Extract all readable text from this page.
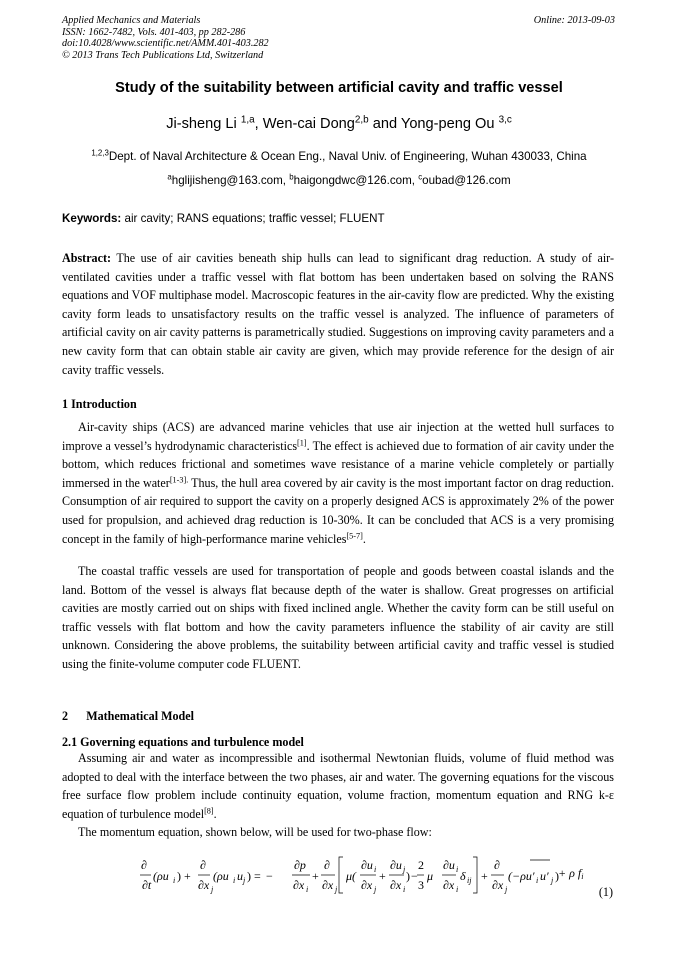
Applied Mechanics and Materials
ISSN: 1662-7482, Vols. 401-403, pp 282-286
doi:10.4028/www.scientific.net/AMM.401-403.282
© 2013 Trans Tech Publications Ltd, Switzerland
Online: 2013-09-03
Study of the suitability between artificial cavity and traffic vessel
Ji-sheng Li $^{1,a}$, Wen-cai Dong$^{2,b}$ and Yong-peng Ou $^{3,c}$
$^{1,2,3}$Dept. of Naval Architecture & Ocean Eng., Naval Univ. of Engineering, Wuhan 430033, China
$^a$hglijisheng@163.com, $^b$haigongdwc@126.com, $^c$oubad@126.com
Keywords: air cavity; RANS equations; traffic vessel; FLUENT
Abstract: The use of air cavities beneath ship hulls can lead to significant drag reduction. A study of air-ventilated cavities under a traffic vessel with flat bottom has been undertaken based on solving the RANS equations and VOF multiphase model. Macroscopic features in the air-cavity flow are predicted. Why the existing cavity form leads to unsatisfactory results on the traffic vessel is analyzed. The influence of parameters of artificial cavity on air cavity patterns is parametrically studied. Suggestions on improving cavity parameters and a new cavity form that can obtain stable air cavity are given, which may provide reference for the design of air cavity traffic vessels.
1 Introduction
Air-cavity ships (ACS) are advanced marine vehicles that use air injection at the wetted hull surfaces to improve a vessel’s hydrodynamic characteristics[1]. The effect is achieved due to formation of air cavity under the bottom, which reduces frictional and sometimes wave resistance of a marine vehicle completely or partially immersed in the water$^{[1-3].}$ Thus, the hull area covered by air cavity is the most important factor on drag reduction. Consumption of air required to support the cavity on a properly designed ACS is approximately 2% of the power used for propulsion, and achieved drag reduction is 10-30%. It can be concluded that ACS is a very promising concept in the family of high-performance marine vehicles[5-7].
The coastal traffic vessels are used for transportation of people and goods between coastal islands and the land. Bottom of the vessel is always flat because depth of the water is shallow. Great progresses on artificial cavities are mostly carried out on ships with fixed inclined angle. Whether the cavity form can be still useful on traffic vessels with flat bottom and how the cavity parameters influence the stability of air cavity are still unknown. Considering the above problems, the suitability between artificial cavity and traffic vessel is studied using the finite-volume computer code FLUENT.
2      Mathematical Model
2.1 Governing equations and turbulence model
Assuming air and water as incompressible and isothermal Newtonian fluids, volume of fluid method was adopted to deal with the interface between the two phases, air and water. The governing equations for the viscous free surface flow problem include continuity equation, volume fraction, momentum equation and RNG k-ε equation of turbulence model[8].
The momentum equation, shown below, will be used for two-phase flow:
∂
∂t
(ρu i ) +
∂
∂x j
(ρu i u j ) = −
∂p
∂x i
+
∂
∂x j
μ(
∂u i
∂x j
+
∂u j
∂x i
) −
2
3
μ
∂u i
∂x i
δ ij +
∂
∂x j
(−ρu′ i u′ j ) + ρ fi
(1)
